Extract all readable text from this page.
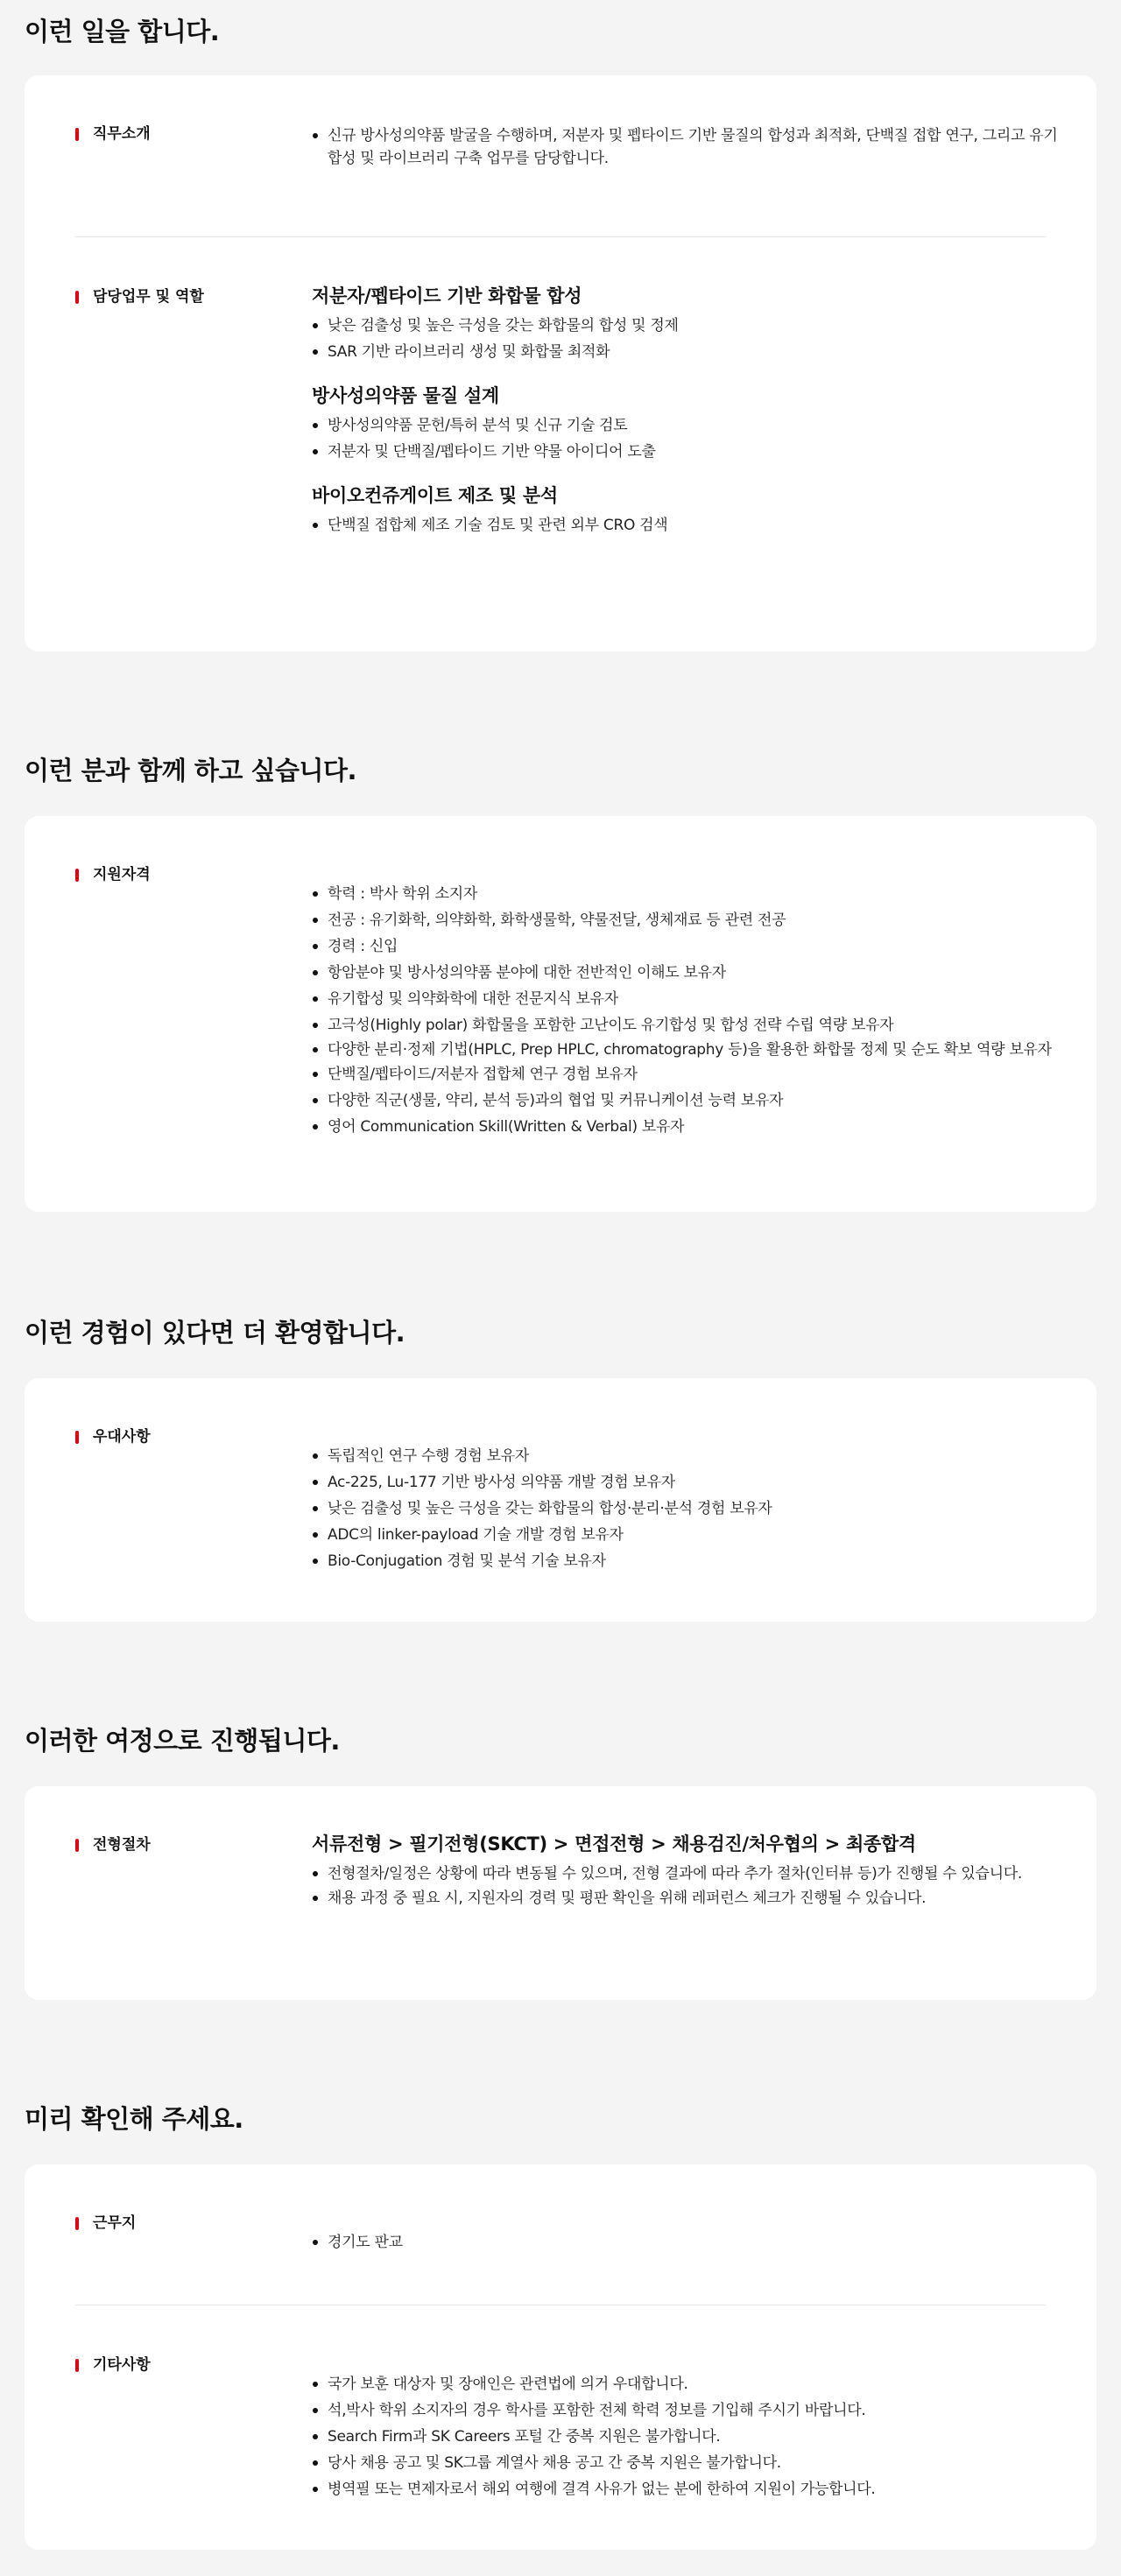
이런 일을 합니다.
직무소개	신규 방사성의약품 발굴을 수행하며, 저분자 및 펩타이드 기반 물질의 합성과 최적화, 단백질 접합 연구, 그리고 유기 합성 및 라이브러리 구축 업무를 담당합니다.
담당업무 및 역할	저분자/펩타이드 기반 화합물 합성
낮은 검출성 및 높은 극성을 갖는 화합물의 합성 및 정제
SAR 기반 라이브러리 생성 및 화합물 최적화
방사성의약품 물질 설계
방사성의약품 문헌/특허 분석 및 신규 기술 검토
저분자 및 단백질/펩타이드 기반 약물 아이디어 도출
바이오컨쥬게이트 제조 및 분석
단백질 접합체 제조 기술 검토 및 관련 외부 CRO 검색
이런 분과 함께 하고 싶습니다.
지원자격
학력 : 박사 학위 소지자
전공 : 유기화학, 의약화학, 화학생물학, 약물전달, 생체재료 등 관련 전공
경력 : 신입
항암분야 및 방사성의약품 분야에 대한 전반적인 이해도 보유자
유기합성 및 의약화학에 대한 전문지식 보유자
고극성(Highly polar) 화합물을 포함한 고난이도 유기합성 및 합성 전략 수립 역량 보유자
다양한 분리·정제 기법(HPLC, Prep HPLC, chromatography 등)을 활용한 화합물 정제 및 순도 확보 역량 보유자
단백질/펩타이드/저분자 접합체 연구 경험 보유자
다양한 직군(생물, 약리, 분석 등)과의 협업 및 커뮤니케이션 능력 보유자
영어 Communication Skill(Written & Verbal) 보유자
이런 경험이 있다면 더 환영합니다.
우대사항
독립적인 연구 수행 경험 보유자
Ac-225, Lu-177 기반 방사성 의약품 개발 경험 보유자
낮은 검출성 및 높은 극성을 갖는 화합물의 합성·분리·분석 경험 보유자
ADC의 linker-payload 기술 개발 경험 보유자
Bio-Conjugation 경험 및 분석 기술 보유자
이러한 여정으로 진행됩니다.
전형절차	서류전형 > 필기전형(SKCT) > 면접전형 > 채용검진/처우협의 > 최종합격
전형절차/일정은 상황에 따라 변동될 수 있으며, 전형 결과에 따라 추가 절차(인터뷰 등)가 진행될 수 있습니다.
채용 과정 중 필요 시, 지원자의 경력 및 평판 확인을 위해 레퍼런스 체크가 진행될 수 있습니다.
미리 확인해 주세요.
근무지
경기도 판교
기타사항
국가 보훈 대상자 및 장애인은 관련법에 의거 우대합니다.
석,박사 학위 소지자의 경우 학사를 포함한 전체 학력 정보를 기입해 주시기 바랍니다.
Search Firm과 SK Careers 포털 간 중복 지원은 불가합니다.
당사 채용 공고 및 SK그룹 계열사 채용 공고 간 중복 지원은 불가합니다.
병역필 또는 면제자로서 해외 여행에 결격 사유가 없는 분에 한하여 지원이 가능합니다.
